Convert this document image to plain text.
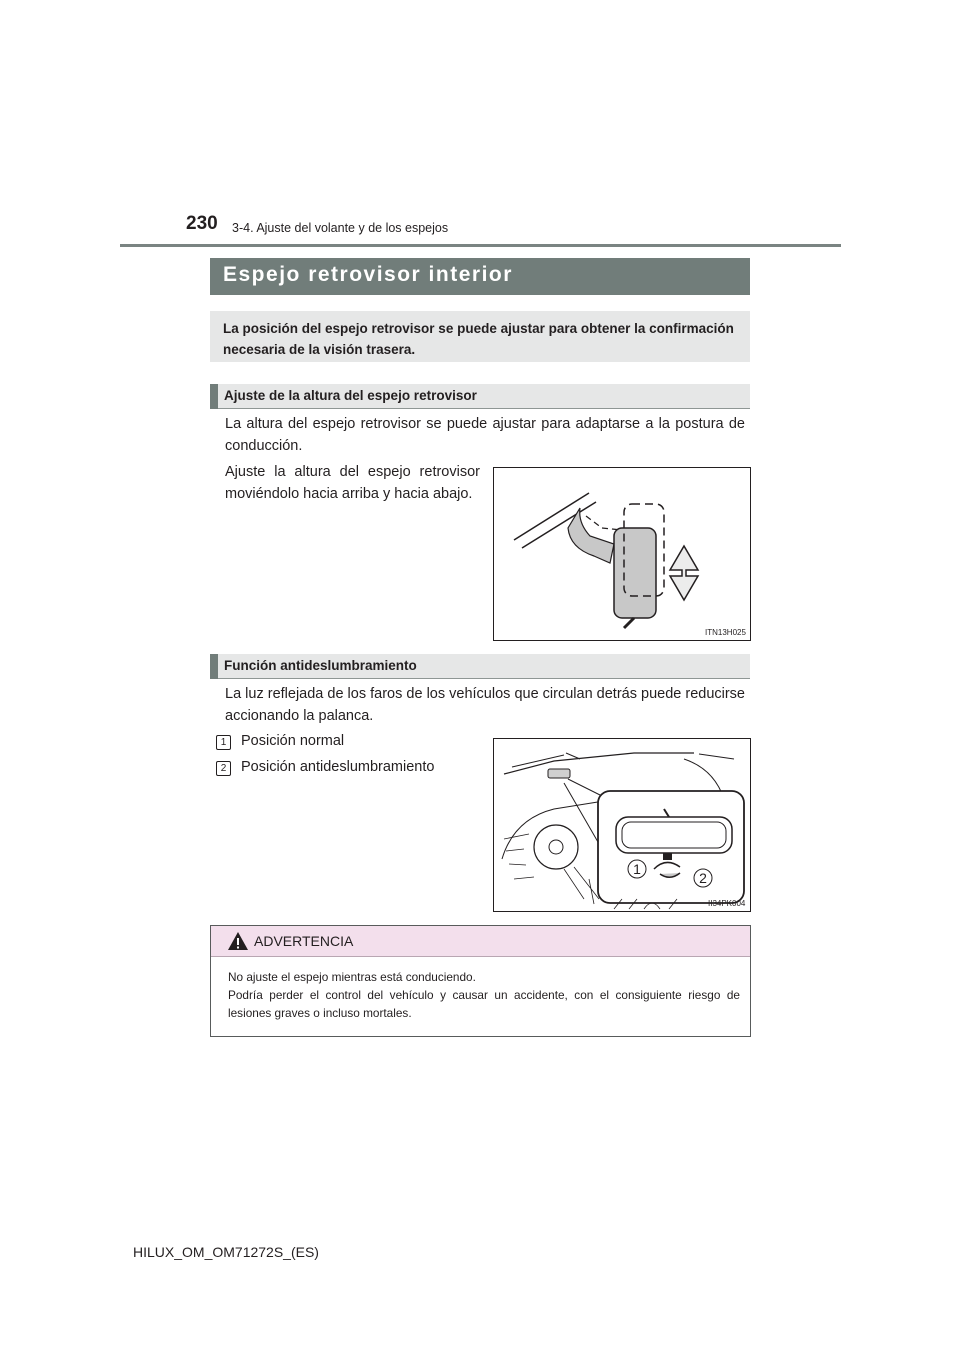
230 3-4. Ajuste del volante y de los espejos
Espejo retrovisor interior
La posición del espejo retrovisor se puede ajustar para obtener la confirmación necesaria de la visión trasera.
Ajuste de la altura del espejo retrovisor
La altura del espejo retrovisor se puede ajustar para adaptarse a la postura de conducción.
Ajuste la altura del espejo retrovisor moviéndolo hacia arriba y hacia abajo.
ITN13H025
Función antideslumbramiento
La luz reflejada de los faros de los vehículos que circulan detrás puede reducirse accionando la palanca.
1	Posición normal
2	Posición antideslumbramiento
1
2
II34PK004
ADVERTENCIA
No ajuste el espejo mientras está conduciendo.
Podría perder el control del vehículo y causar un accidente, con el consiguiente riesgo de lesiones graves o incluso mortales.
HILUX_OM_OM71272S_(ES)
